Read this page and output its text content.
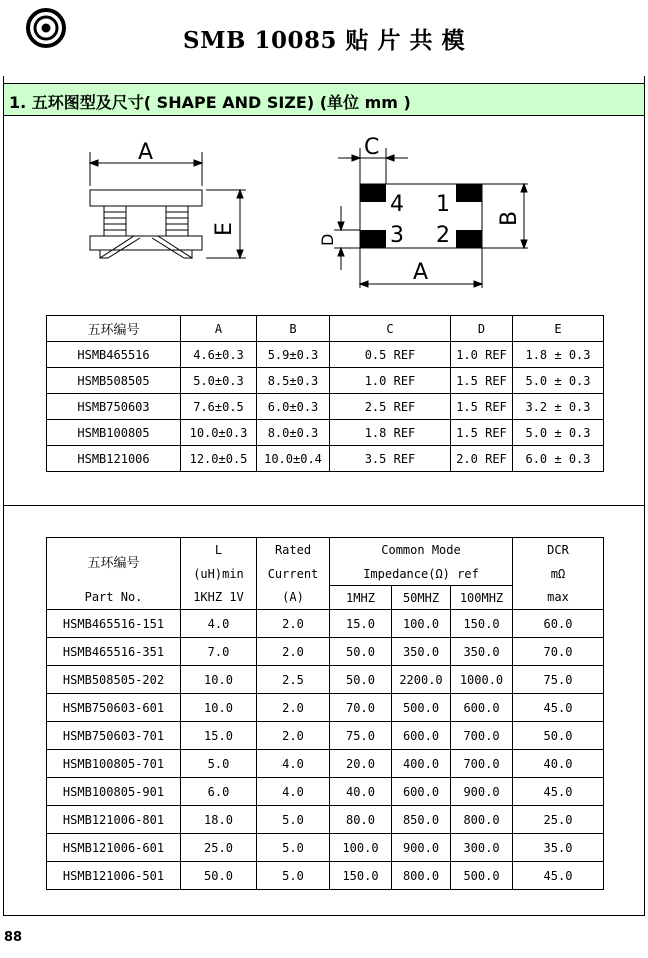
SMB 10085 贴 片 共 模
1. 五环图型及尺寸( SHAPE AND SIZE) (单位 mm )
A
E
4 1
3 2
C
A
B
D
五环编号	A	B	C	D	E
HSMB465516	4.6±0.3	5.9±0.3	0.5 REF	1.0 REF	1.8 ± 0.3
HSMB508505	5.0±0.3	8.5±0.3	1.0 REF	1.5 REF	5.0 ± 0.3
HSMB750603	7.6±0.5	6.0±0.3	2.5 REF	1.5 REF	3.2 ± 0.3
HSMB100805	10.0±0.3	8.0±0.3	1.8 REF	1.5 REF	5.0 ± 0.3
HSMB121006	12.0±0.5	10.0±0.4	3.5 REF	2.0 REF	6.0 ± 0.3
五环编号	L	Rated	Common Mode			DCR
	(uH)min	Current	Impedance(Ω) ref			mΩ
Part No.	1KHZ 1V	(A)	1MHZ	50MHZ	100MHZ	max
HSMB465516-151	4.0	2.0	15.0	100.0	150.0	60.0
HSMB465516-351	7.0	2.0	50.0	350.0	350.0	70.0
HSMB508505-202	10.0	2.5	50.0	2200.0	1000.0	75.0
HSMB750603-601	10.0	2.0	70.0	500.0	600.0	45.0
HSMB750603-701	15.0	2.0	75.0	600.0	700.0	50.0
HSMB100805-701	5.0	4.0	20.0	400.0	700.0	40.0
HSMB100805-901	6.0	4.0	40.0	600.0	900.0	45.0
HSMB121006-801	18.0	5.0	80.0	850.0	800.0	25.0
HSMB121006-601	25.0	5.0	100.0	900.0	300.0	35.0
HSMB121006-501	50.0	5.0	150.0	800.0	500.0	45.0
88
